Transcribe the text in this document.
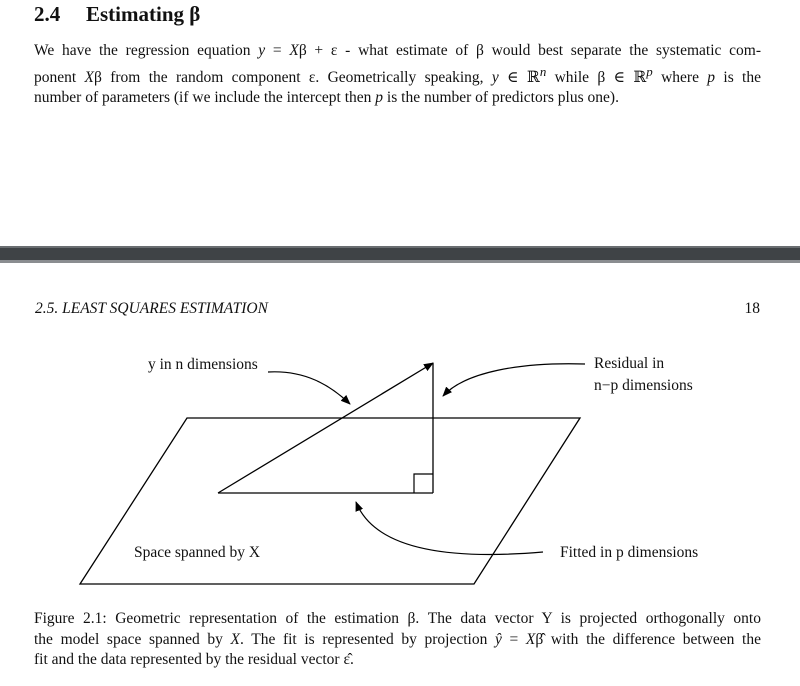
2.4 Estimating β

We have the regression equation y = Xβ + ε - what estimate of β would best separate the systematic com-

ponent Xβ from the random component ε. Geometrically speaking, y ∈ ℝ$^n$ while β ∈ ℝ$^p$ where p is the

number of parameters (if we include the intercept then p is the number of predictors plus one).

2.5. LEAST SQUARES ESTIMATION	18
y in n dimensions	Residual in
n−p dimensions
Space spanned by X	Fitted in p dimensions
Figure 2.1: Geometric representation of the estimation β. The data vector Y is projected orthogonally onto
the model space spanned by X. The fit is represented by projection ŷ = Xβ̂ with the difference between the
fit and the data represented by the residual vector ε̂.
